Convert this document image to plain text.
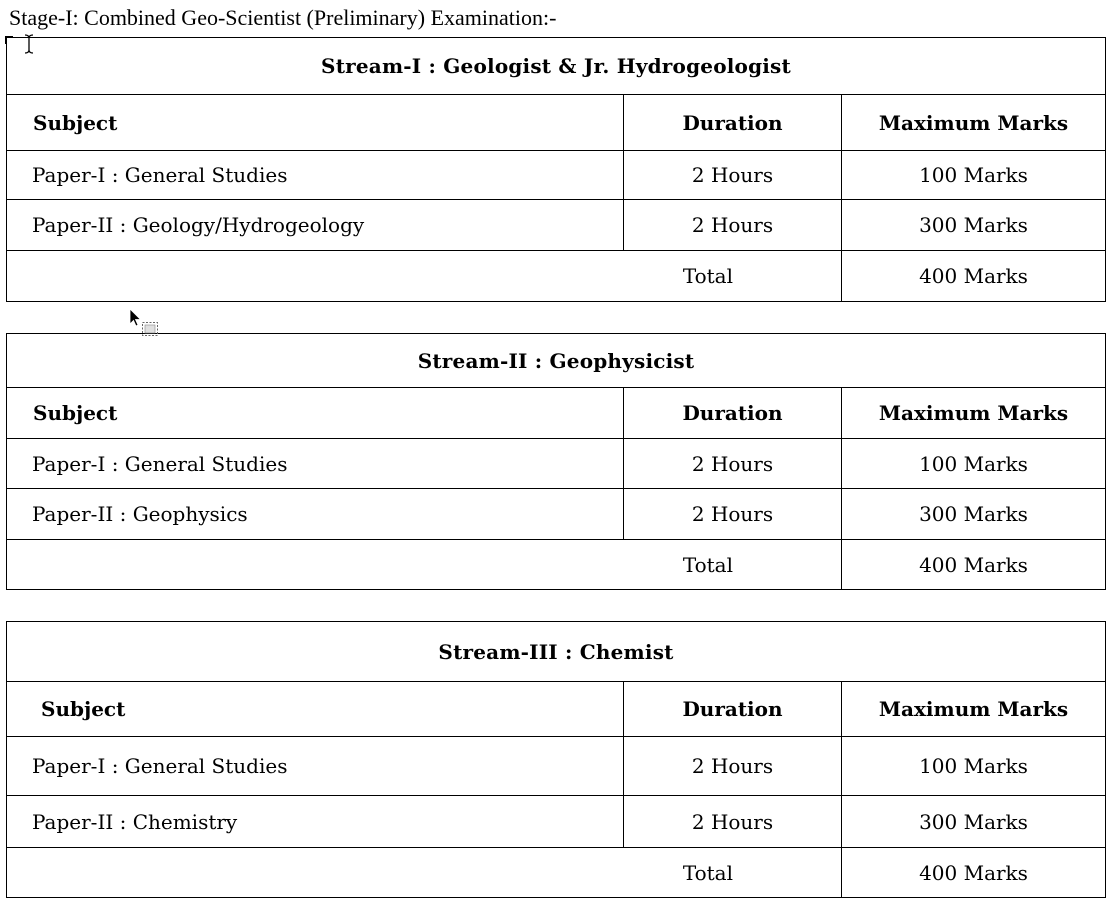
Stage-I: Combined Geo-Scientist (Preliminary) Examination:-
Stream-I : Geologist & Jr. Hydrogeologist		
Subject	Duration	Maximum Marks
Paper-I : General Studies	2 Hours	100 Marks
Paper-II : Geology/Hydrogeology	2 Hours	300 Marks
Total		400 Marks
Stream-II : Geophysicist		
Subject	Duration	Maximum Marks
Paper-I : General Studies	2 Hours	100 Marks
Paper-II : Geophysics	2 Hours	300 Marks
Total		400 Marks
Stream-III : Chemist		
Subject	Duration	Maximum Marks
Paper-I : General Studies	2 Hours	100 Marks
Paper-II : Chemistry	2 Hours	300 Marks
Total		400 Marks
